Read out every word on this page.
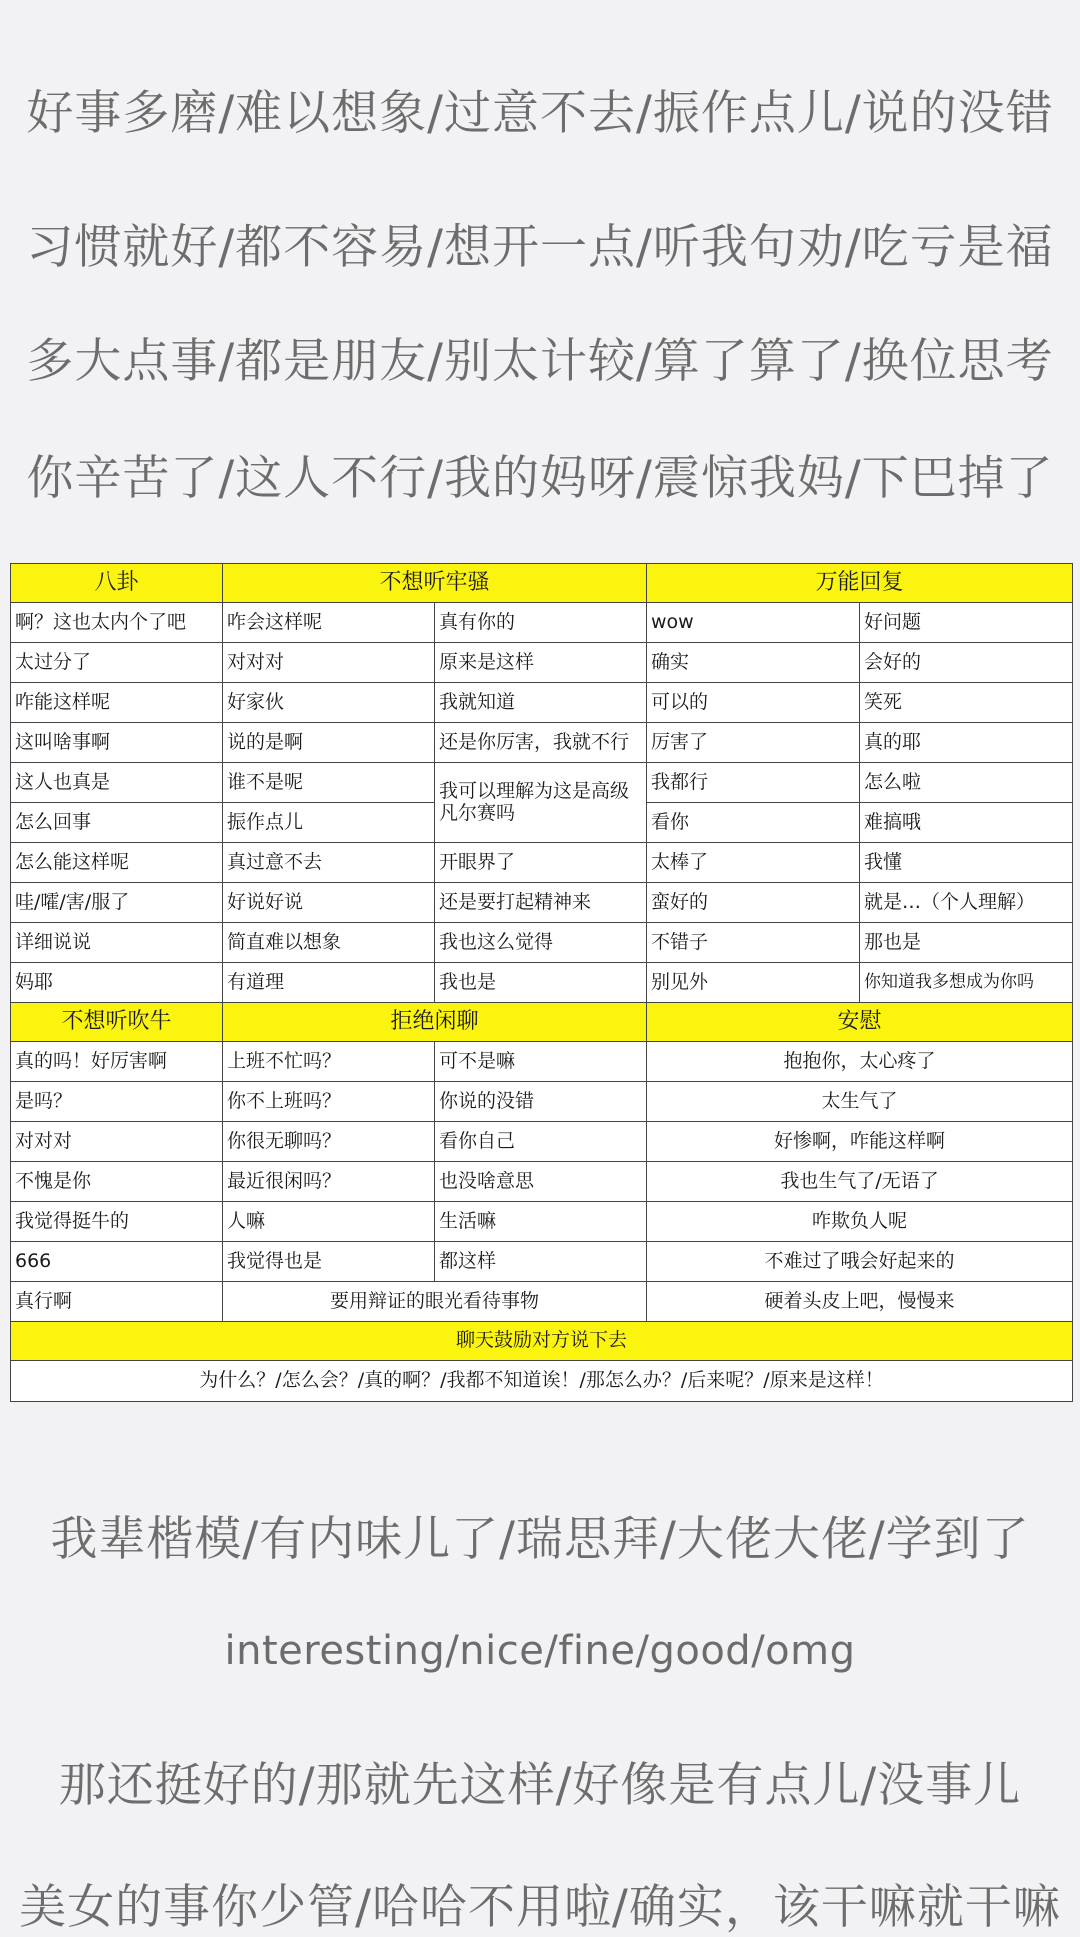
好事多磨/难以想象/过意不去/振作点儿/说的没错
习惯就好/都不容易/想开一点/听我句劝/吃亏是福
多大点事/都是朋友/别太计较/算了算了/换位思考
你辛苦了/这人不行/我的妈呀/震惊我妈/下巴掉了
八卦	不想听牢骚		万能回复	
啊？这也太内个了吧	咋会这样呢	真有你的	wow	好问题
太过分了	对对对	原来是这样	确实	会好的
咋能这样呢	好家伙	我就知道	可以的	笑死
这叫啥事啊	说的是啊	还是你厉害，我就不行	厉害了	真的耶
这人也真是	谁不是呢	我可以理解为这是高级凡尔赛吗	我都行	怎么啦
怎么回事	振作点儿		看你	难搞哦
怎么能这样呢	真过意不去	开眼界了	太棒了	我懂
哇/嚯/害/服了	好说好说	还是要打起精神来	蛮好的	就是…（个人理解）
详细说说	简直难以想象	我也这么觉得	不错子	那也是
妈耶	有道理	我也是	别见外	你知道我多想成为你吗
不想听吹牛	拒绝闲聊		安慰	
真的吗！好厉害啊	上班不忙吗？	可不是嘛	抱抱你，太心疼了	
是吗？	你不上班吗？	你说的没错	太生气了	
对对对	你很无聊吗？	看你自己	好惨啊，咋能这样啊	
不愧是你	最近很闲吗？	也没啥意思	我也生气了/无语了	
我觉得挺牛的	人嘛	生活嘛	咋欺负人呢	
666	我觉得也是	都这样	不难过了哦会好起来的	
真行啊	要用辩证的眼光看待事物		硬着头皮上吧，慢慢来	
聊天鼓励对方说下去				
为什么？/怎么会？/真的啊？/我都不知道诶！/那怎么办？/后来呢？/原来是这样！				
我辈楷模/有内味儿了/瑞思拜/大佬大佬/学到了
interesting/nice/fine/good/omg
那还挺好的/那就先这样/好像是有点儿/没事儿
美女的事你少管/哈哈不用啦/确实，该干嘛就干嘛
